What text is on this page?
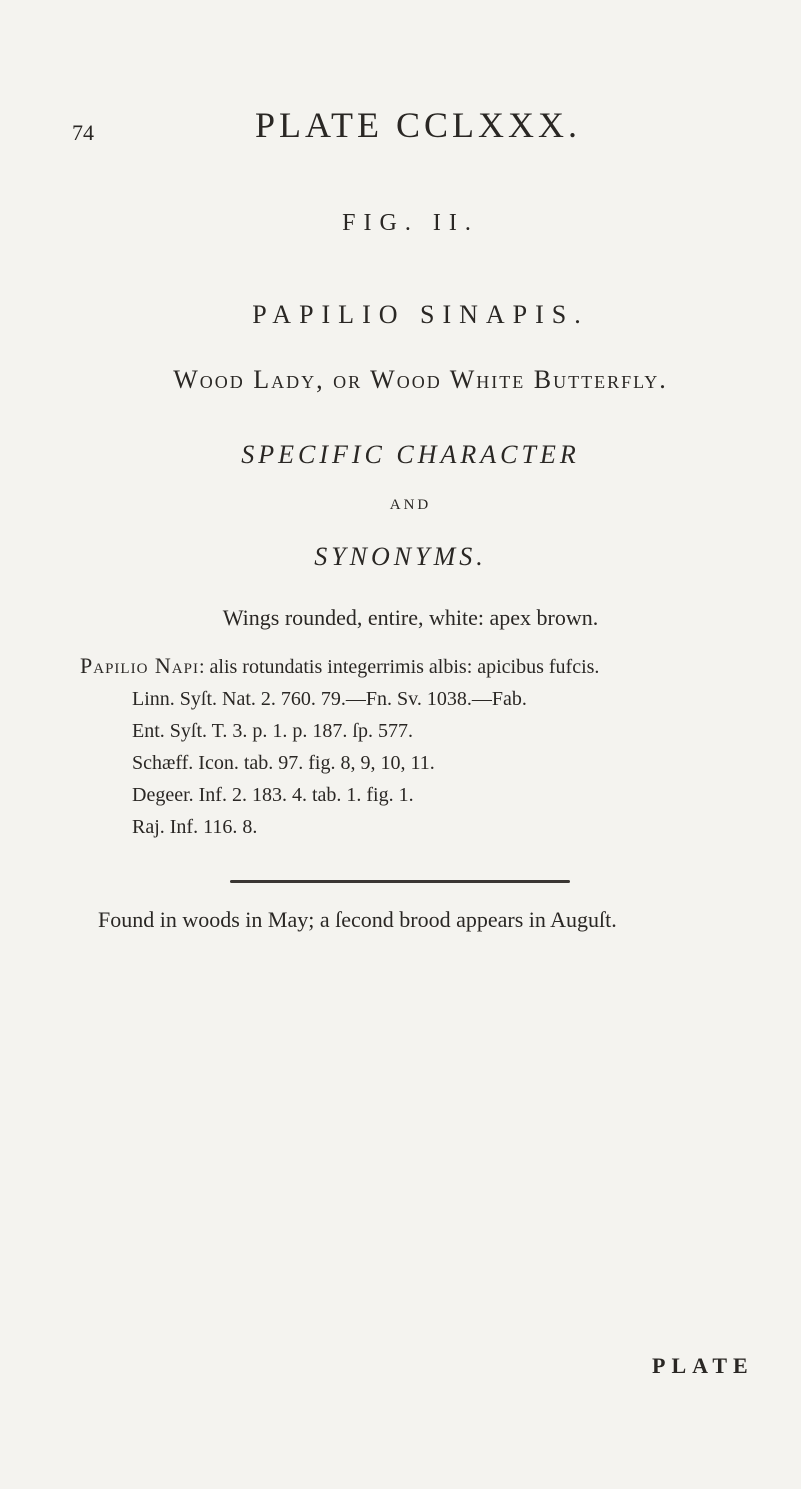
74	PLATE CCLXXX.
FIG. II.
PAPILIO SINAPIS.
Wood Lady, or Wood White Butterfly.
SPECIFIC CHARACTER
AND
SYNONYMS.
Wings rounded, entire, white: apex brown.
Papilio Napi: alis rotundatis integerrimis albis: apicibus fufcis.
Linn. Syſt. Nat. 2. 760. 79.—Fn. Sv. 1038.—Fab.
Ent. Syſt. T. 3. p. 1. p. 187. ſp. 577.
Schæff. Icon. tab. 97. fig. 8, 9, 10, 11.
Degeer. Inf. 2. 183. 4. tab. 1. fig. 1.
Raj. Inf. 116. 8.
Found in woods in May; a ſecond brood appears in Auguſt.
PLATE
